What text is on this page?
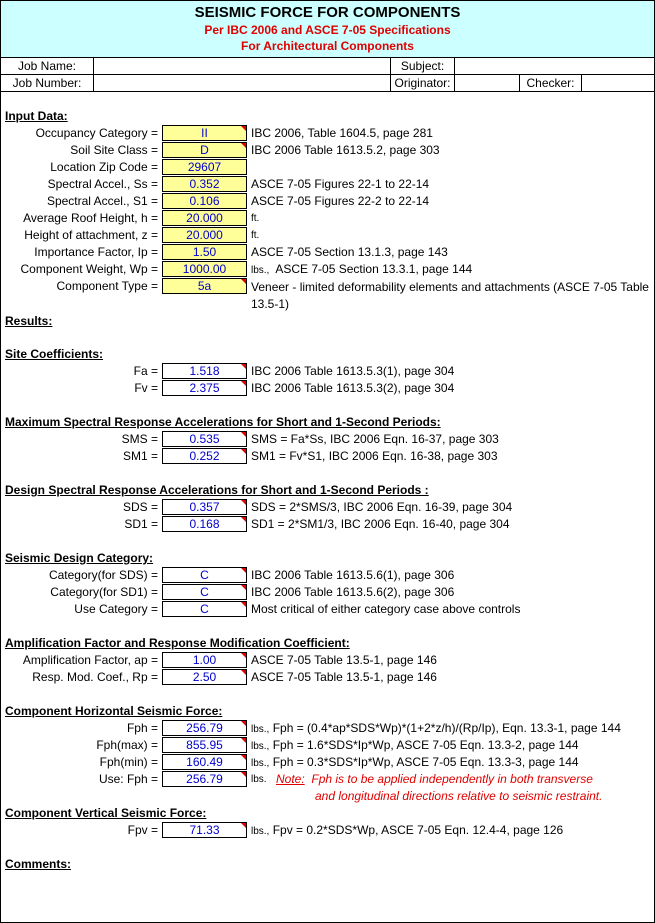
SEISMIC FORCE FOR COMPONENTS
Per IBC 2006 and ASCE 7-05 Specifications
For Architectural Components
Job Name:	Subject:
Job Number:	Originator:	Checker:
Input Data:
Occupancy Category =	II	IBC 2006, Table 1604.5, page 281
Soil Site Class =	D	IBC 2006 Table 1613.5.2, page 303
Location Zip Code =	29607
Spectral Accel., Ss =	0.352	ASCE 7-05 Figures 22-1 to 22-14
Spectral Accel., S1 =	0.106	ASCE 7-05 Figures 22-2 to 22-14
Average Roof Height, h =	20.000	ft.
Height of attachment, z =	20.000	ft.
Importance Factor, Ip =	1.50	ASCE 7-05 Section 13.1.3, page 143
Component Weight, Wp =	1000.00	lbs., ASCE 7-05 Section 13.3.1, page 144
Component Type =	5a	Veneer - limited deformability elements and attachments (ASCE 7-05 Table 13.5-1)
Results:
Site Coefficients:
Fa =	1.518	IBC 2006 Table 1613.5.3(1), page 304
Fv =	2.375	IBC 2006 Table 1613.5.3(2), page 304
Maximum Spectral Response Accelerations for Short and 1-Second Periods:
SMS =	0.535	SMS = Fa*Ss, IBC 2006 Eqn. 16-37, page 303
SM1 =	0.252	SM1 = Fv*S1, IBC 2006 Eqn. 16-38, page 303
Design Spectral Response Accelerations for Short and 1-Second Periods :
SDS =	0.357	SDS = 2*SMS/3, IBC 2006 Eqn. 16-39, page 304
SD1 =	0.168	SD1 = 2*SM1/3, IBC 2006 Eqn. 16-40, page 304
Seismic Design Category:
Category(for SDS) =	C	IBC 2006 Table 1613.5.6(1), page 306
Category(for SD1) =	C	IBC 2006 Table 1613.5.6(2), page 306
Use Category =	C	Most critical of either category case above controls
Amplification Factor and Response Modification Coefficient:
Amplification Factor, ap =	1.00	ASCE 7-05 Table 13.5-1, page 146
Resp. Mod. Coef., Rp =	2.50	ASCE 7-05 Table 13.5-1, page 146
Component Horizontal Seismic Force:
Fph =	256.79	lbs., Fph = (0.4*ap*SDS*Wp)*(1+2*z/h)/(Rp/Ip), Eqn. 13.3-1, page 144
Fph(max) =	855.95	lbs., Fph = 1.6*SDS*Ip*Wp, ASCE 7-05 Eqn. 13.3-2, page 144
Fph(min) =	160.49	lbs., Fph = 0.3*SDS*Ip*Wp, ASCE 7-05 Eqn. 13.3-3, page 144
Use: Fph =	256.79	lbs. Note: Fph is to be applied independently in both transverse
and longitudinal directions relative to seismic restraint.
Component Vertical Seismic Force:
Fpv =	71.33	lbs., Fpv = 0.2*SDS*Wp, ASCE 7-05 Eqn. 12.4-4, page 126
Comments:
